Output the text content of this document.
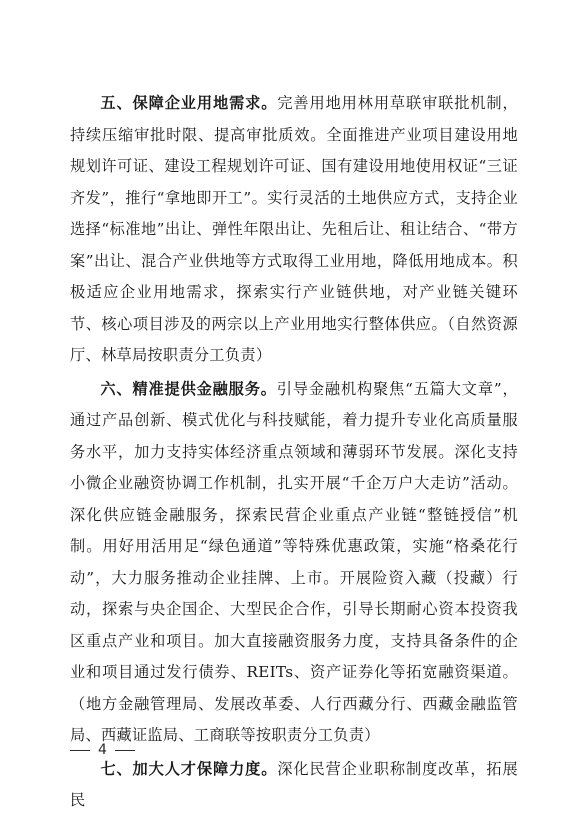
五、保障企业用地需求。完善用地用林用草联审联批机制，持续压缩审批时限、提高审批质效。全面推进产业项目建设用地规划许可证、建设工程规划许可证、国有建设用地使用权证“三证齐发”，推行“拿地即开工”。实行灵活的土地供应方式，支持企业选择“标准地”出让、弹性年限出让、先租后让、租让结合、“带方案”出让、混合产业供地等方式取得工业用地，降低用地成本。积极适应企业用地需求，探索实行产业链供地，对产业链关键环节、核心项目涉及的两宗以上产业用地实行整体供应。（自然资源厅、林草局按职责分工负责）

六、精准提供金融服务。引导金融机构聚焦“五篇大文章”，通过产品创新、模式优化与科技赋能，着力提升专业化高质量服务水平，加力支持实体经济重点领域和薄弱环节发展。深化支持小微企业融资协调工作机制，扎实开展“千企万户大走访”活动。深化供应链金融服务，探索民营企业重点产业链“整链授信”机制。用好用活用足“绿色通道”等特殊优惠政策，实施“格桑花行动”，大力服务推动企业挂牌、上市。开展险资入藏（投藏）行动，探索与央企国企、大型民企合作，引导长期耐心资本投资我区重点产业和项目。加大直接融资服务力度，支持具备条件的企业和项目通过发行债券、REITs、资产证券化等拓宽融资渠道。（地方金融管理局、发展改革委、人行西藏分行、西藏金融监管局、西藏证监局、工商联等按职责分工负责）

七、加大人才保障力度。深化民营企业职称制度改革，拓展民

4
